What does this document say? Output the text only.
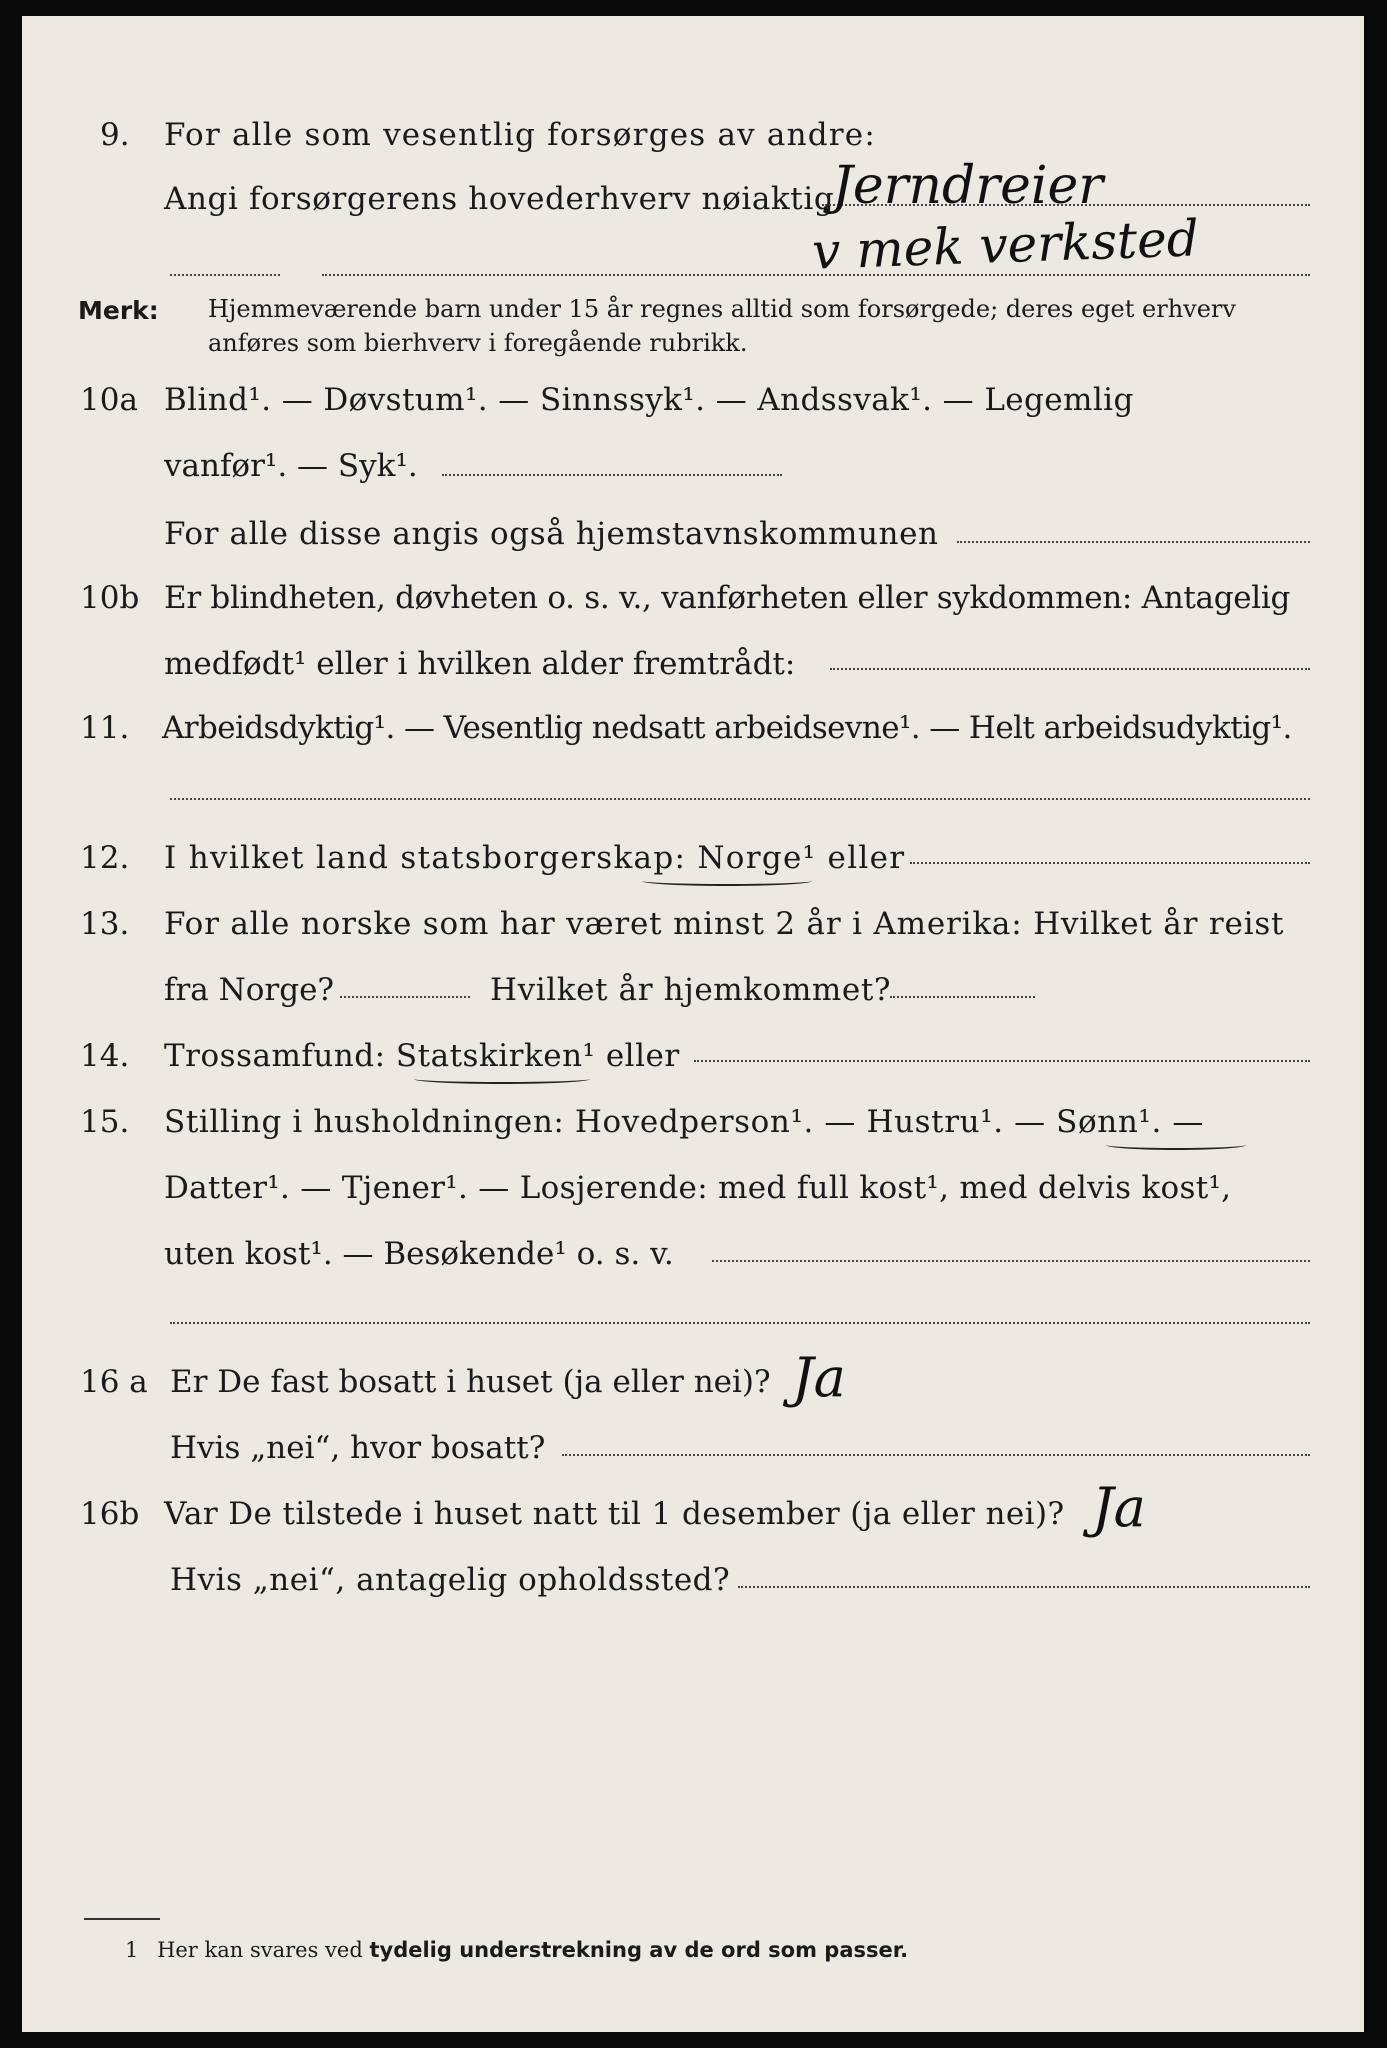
9. For alle som vesentlig forsørges av andre:
Angi forsørgerens hovederhverv nøiaktig
Jerndreier
v mek verksted
Merk: Hjemmeværende barn under 15 år regnes alltid som forsørgede; deres eget erhverv
anføres som bierhverv i foregående rubrikk.
10a Blind¹. — Døvstum¹. — Sinnssyk¹. — Andssvak¹. — Legemlig
vanfør¹. — Syk¹.
For alle disse angis også hjemstavnskommunen
10b Er blindheten, døvheten o. s. v., vanførheten eller sykdommen: Antagelig
medfødt¹ eller i hvilken alder fremtrådt:
11. Arbeidsdyktig¹. — Vesentlig nedsatt arbeidsevne¹. — Helt arbeidsudyktig¹.
12. I hvilket land statsborgerskap: Norge¹ eller
13. For alle norske som har været minst 2 år i Amerika: Hvilket år reist
fra Norge?	Hvilket år hjemkommet?
14. Trossamfund: Statskirken¹ eller
15. Stilling i husholdningen: Hovedperson¹. — Hustru¹. — Sønn¹. —
Datter¹. — Tjener¹. — Losjerende: med full kost¹, med delvis kost¹,
uten kost¹. — Besøkende¹ o. s. v.
16 a Er De fast bosatt i huset (ja eller nei)? Ja
Hvis „nei“, hvor bosatt?
16b Var De tilstede i huset natt til 1 desember (ja eller nei)? Ja
Hvis „nei“, antagelig opholdssted?
1 Her kan svares ved tydelig understrekning av de ord som passer.
